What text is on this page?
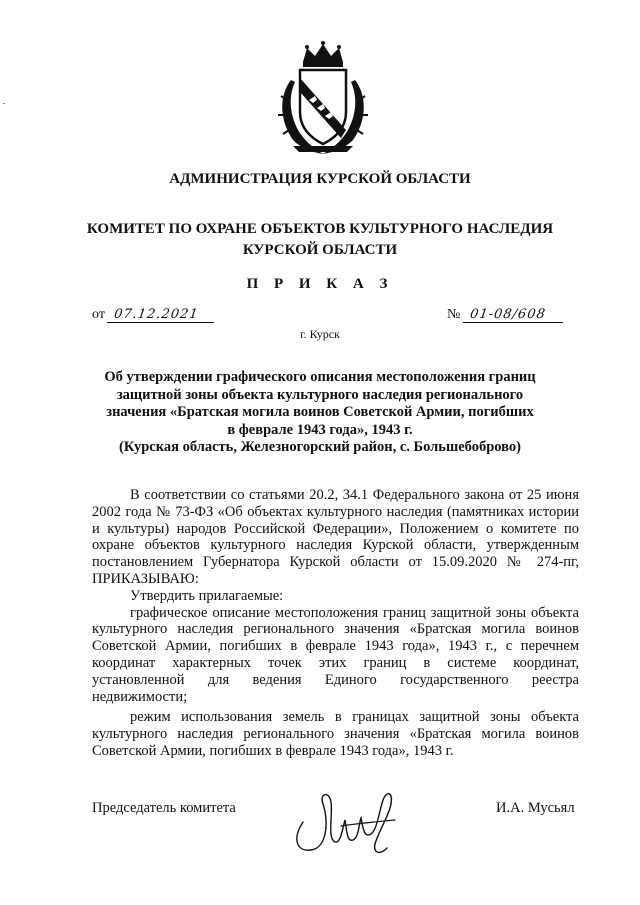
АДМИНИСТРАЦИЯ КУРСКОЙ ОБЛАСТИ
КОМИТЕТ ПО ОХРАНЕ ОБЪЕКТОВ КУЛЬТУРНОГО НАСЛЕДИЯ
КУРСКОЙ ОБЛАСТИ
П Р И К А З
от 07.12.2021	№ 01-08/608
г. Курск
Об утверждении графического описания местоположения границ
защитной зоны объекта культурного наследия регионального
значения «Братская могила воинов Советской Армии, погибших
в феврале 1943 года», 1943 г.
(Курская область, Железногорский район, с. Большебоброво)

В соответствии со статьями 20.2, 34.1 Федерального закона от 25 июня 2002 года № 73-ФЗ «Об объектах культурного наследия (памятниках истории и культуры) народов Российской Федерации», Положением о комитете по охране объектов культурного наследия Курской области, утвержденным постановлением Губернатора Курской области от 15.09.2020 № 274-пг, ПРИКАЗЫВАЮ:

Утвердить прилагаемые:

графическое описание местоположения границ защитной зоны объекта культурного наследия регионального значения «Братская могила воинов Советской Армии, погибших в феврале 1943 года», 1943 г., с перечнем координат характерных точек этих границ в системе координат, установленной для ведения Единого государственного реестра недвижимости;

режим использования земель в границах защитной зоны объекта культурного наследия регионального значения «Братская могила воинов Советской Армии, погибших в феврале 1943 года», 1943 г.

Председатель комитета	И.А. Мусьял
